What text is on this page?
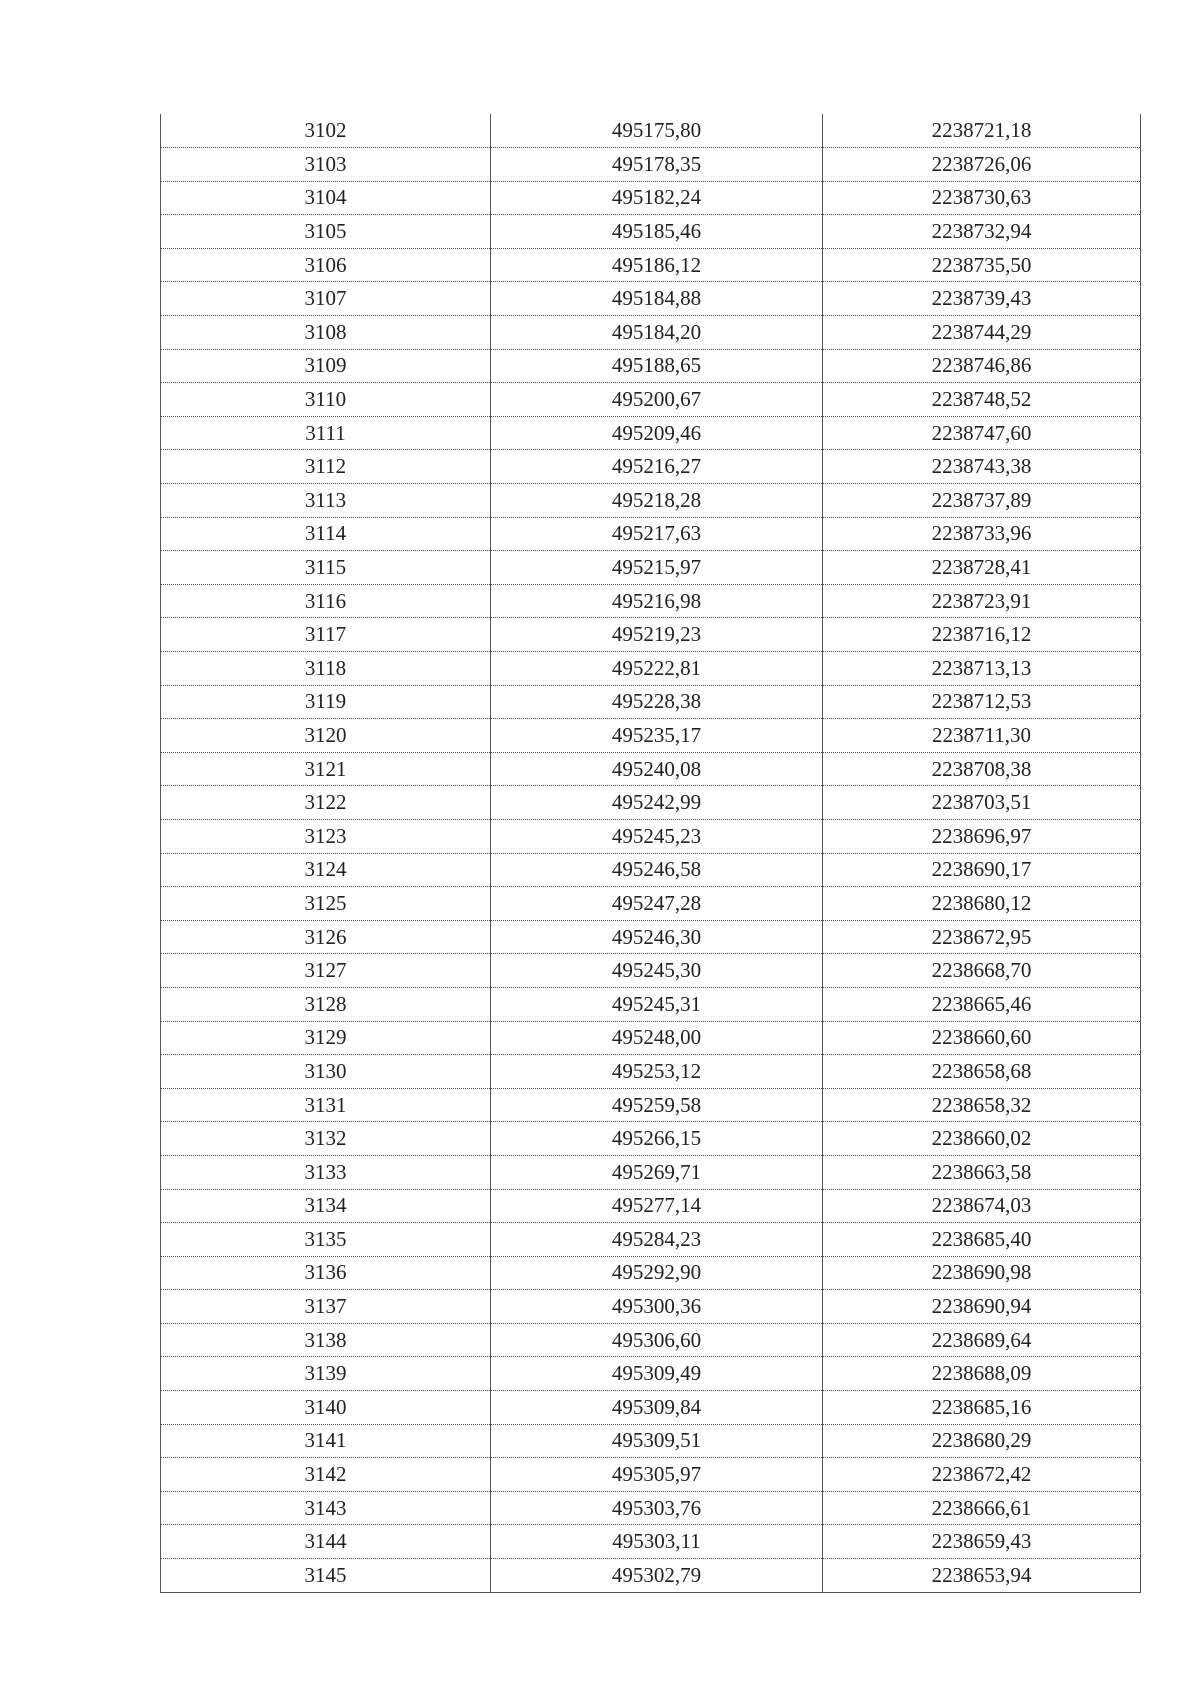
3102	495175,80	2238721,18
3103	495178,35	2238726,06
3104	495182,24	2238730,63
3105	495185,46	2238732,94
3106	495186,12	2238735,50
3107	495184,88	2238739,43
3108	495184,20	2238744,29
3109	495188,65	2238746,86
3110	495200,67	2238748,52
3111	495209,46	2238747,60
3112	495216,27	2238743,38
3113	495218,28	2238737,89
3114	495217,63	2238733,96
3115	495215,97	2238728,41
3116	495216,98	2238723,91
3117	495219,23	2238716,12
3118	495222,81	2238713,13
3119	495228,38	2238712,53
3120	495235,17	2238711,30
3121	495240,08	2238708,38
3122	495242,99	2238703,51
3123	495245,23	2238696,97
3124	495246,58	2238690,17
3125	495247,28	2238680,12
3126	495246,30	2238672,95
3127	495245,30	2238668,70
3128	495245,31	2238665,46
3129	495248,00	2238660,60
3130	495253,12	2238658,68
3131	495259,58	2238658,32
3132	495266,15	2238660,02
3133	495269,71	2238663,58
3134	495277,14	2238674,03
3135	495284,23	2238685,40
3136	495292,90	2238690,98
3137	495300,36	2238690,94
3138	495306,60	2238689,64
3139	495309,49	2238688,09
3140	495309,84	2238685,16
3141	495309,51	2238680,29
3142	495305,97	2238672,42
3143	495303,76	2238666,61
3144	495303,11	2238659,43
3145	495302,79	2238653,94
